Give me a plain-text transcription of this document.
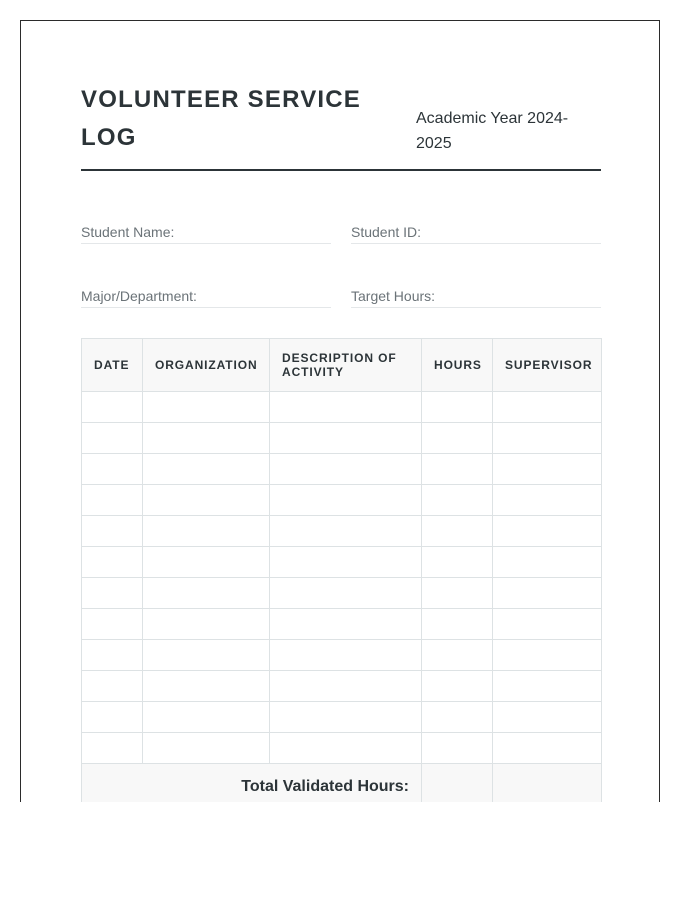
VOLUNTEER SERVICE LOG
Academic Year 2024-2025
Student Name:	Student ID:
Major/Department:	Target Hours:
DATE	ORGANIZATION	DESCRIPTION OF ACTIVITY	HOURS	SUPERVISOR

Total Validated Hours:				
